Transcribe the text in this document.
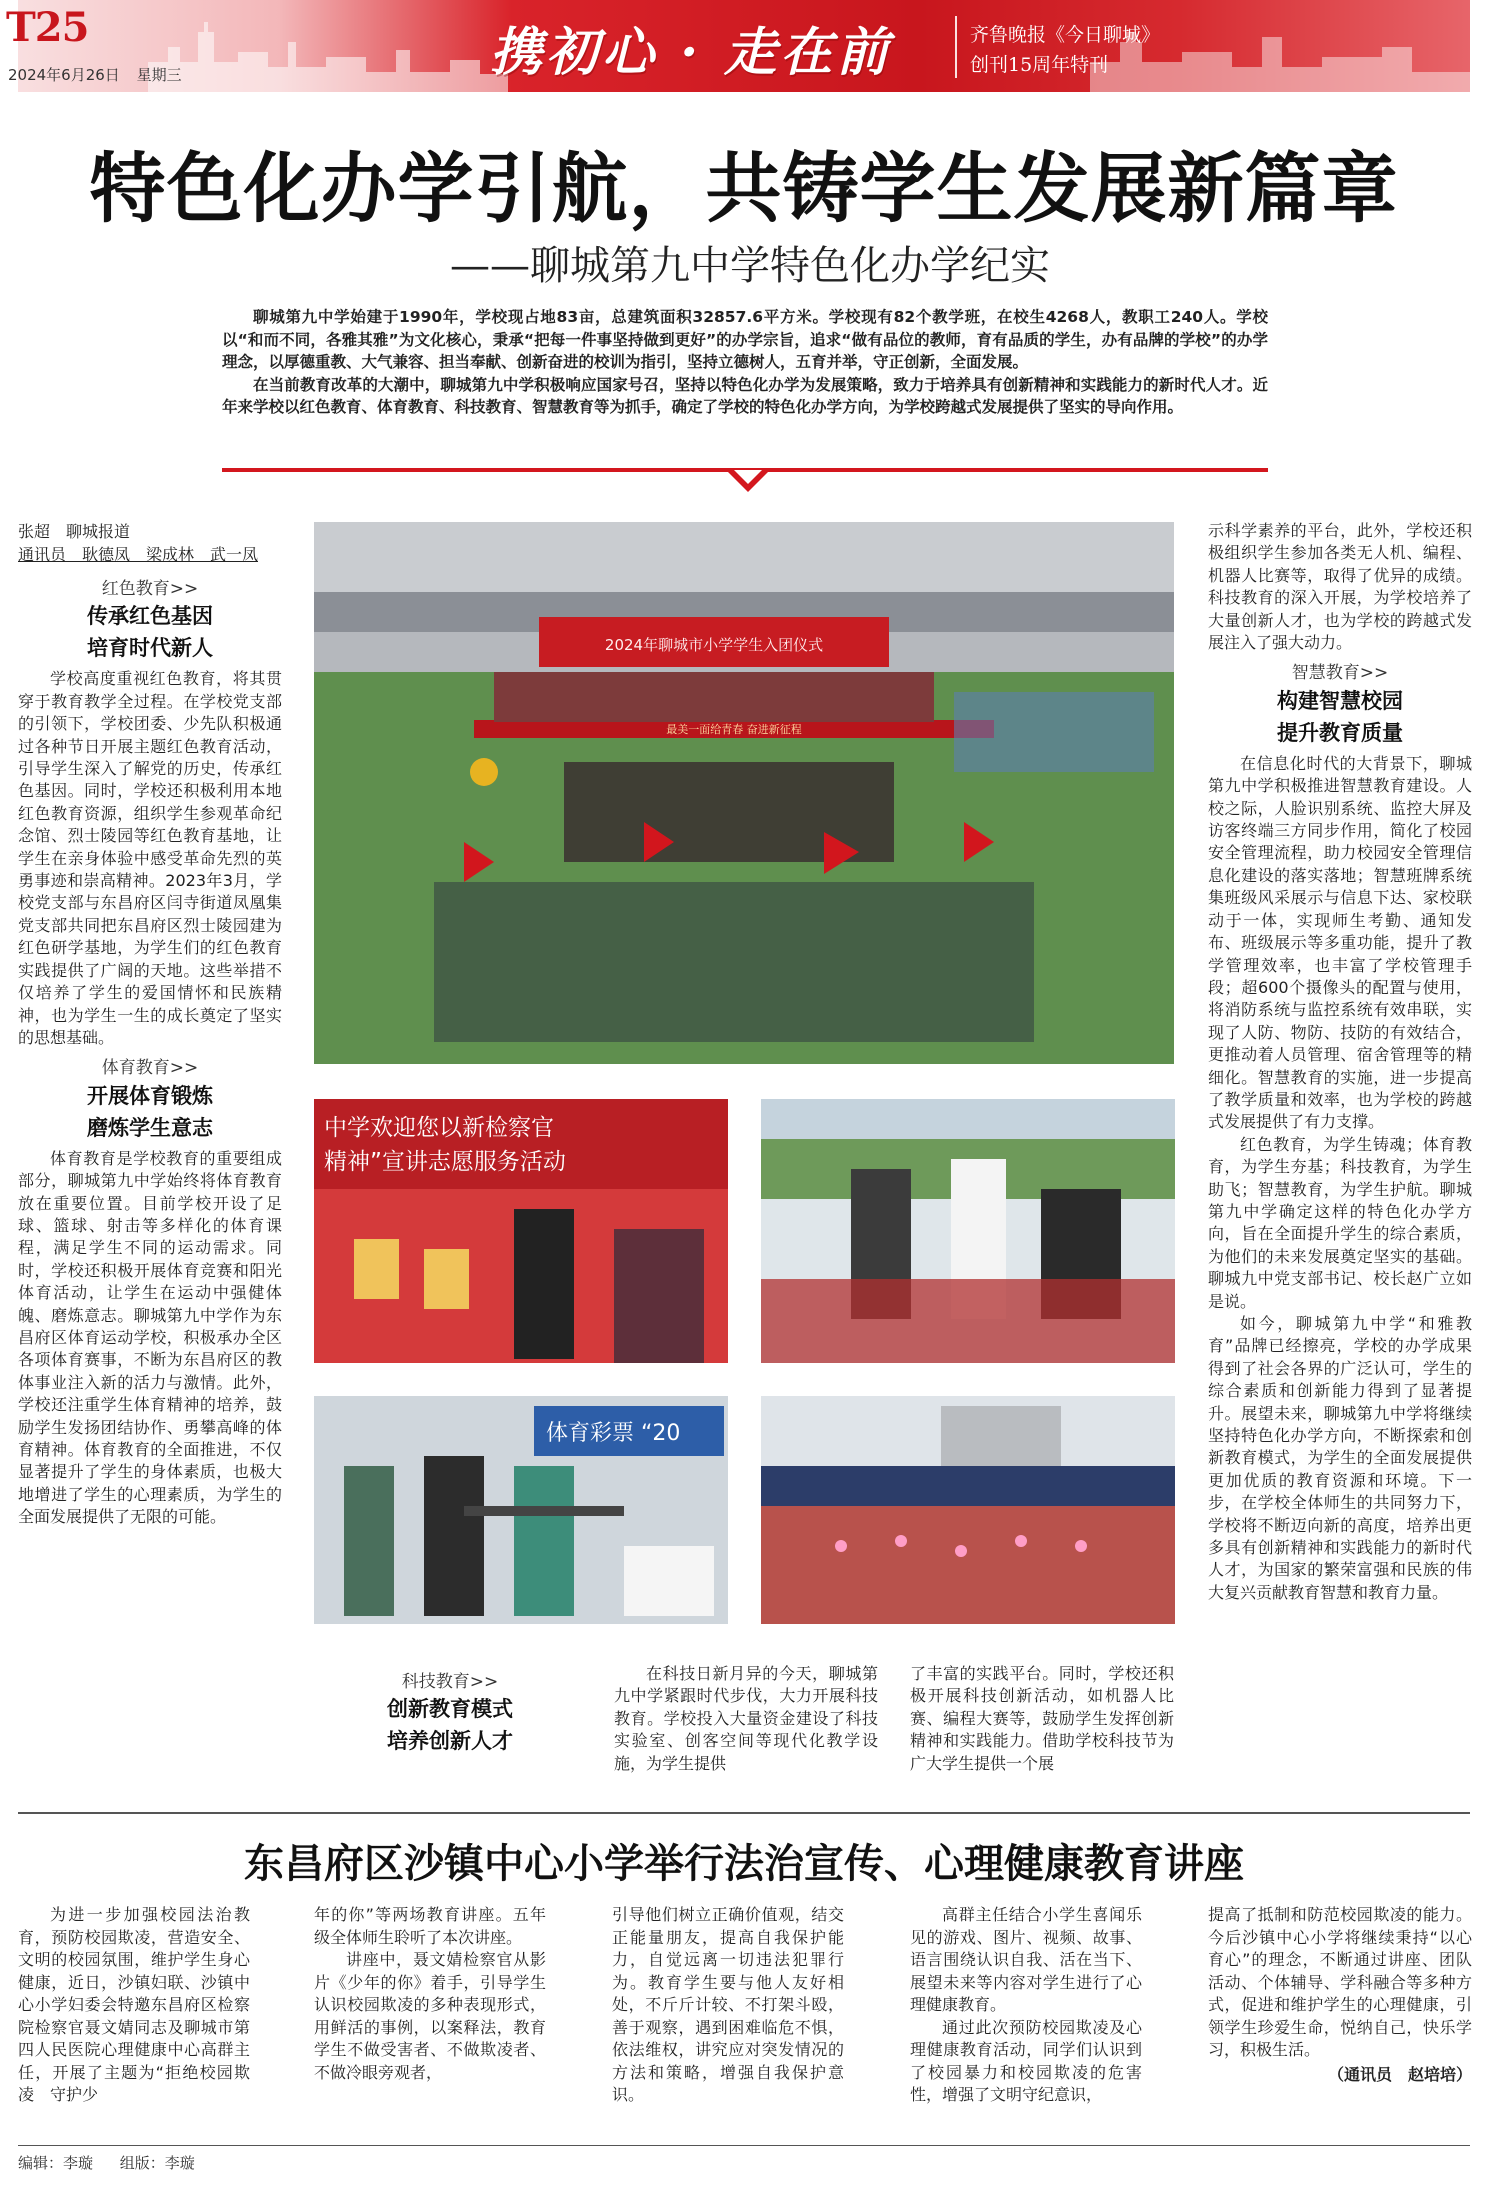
T25
2024年6月26日 星期三	携初心 · 走在前	齐鲁晚报《今日聊城》
创刊15周年特刊
特色化办学引航，共铸学生发展新篇章
——聊城第九中学特色化办学纪实

聊城第九中学始建于1990年，学校现占地83亩，总建筑面积32857.6平方米。学校现有82个教学班，在校生4268人，教职工240人。学校以“和而不同，各雅其雅”为文化核心，秉承“把每一件事坚持做到更好”的办学宗旨，追求“做有品位的教师，育有品质的学生，办有品牌的学校”的办学理念，以厚德重教、大气兼容、担当奉献、创新奋进的校训为指引，坚持立德树人，五育并举，守正创新，全面发展。

在当前教育改革的大潮中，聊城第九中学积极响应国家号召，坚持以特色化办学为发展策略，致力于培养具有创新精神和实践能力的新时代人才。近年来学校以红色教育、体育教育、科技教育、智慧教育等为抓手，确定了学校的特色化办学方向，为学校跨越式发展提供了坚实的导向作用。

张超　聊城报道
通讯员　耿德凤　梁成林　武一凤
红色教育>>
传承红色基因
培育时代新人

学校高度重视红色教育，将其贯穿于教育教学全过程。在学校党支部的引领下，学校团委、少先队积极通过各种节日开展主题红色教育活动，引导学生深入了解党的历史，传承红色基因。同时，学校还积极利用本地红色教育资源，组织学生参观革命纪念馆、烈士陵园等红色教育基地，让学生在亲身体验中感受革命先烈的英勇事迹和崇高精神。2023年3月，学校党支部与东昌府区闫寺街道凤凰集党支部共同把东昌府区烈士陵园建为红色研学基地，为学生们的红色教育实践提供了广阔的天地。这些举措不仅培养了学生的爱国情怀和民族精神，也为学生一生的成长奠定了坚实的思想基础。

体育教育>>
开展体育锻炼
磨炼学生意志

体育教育是学校教育的重要组成部分，聊城第九中学始终将体育教育放在重要位置。目前学校开设了足球、篮球、射击等多样化的体育课程，满足学生不同的运动需求。同时，学校还积极开展体育竞赛和阳光体育活动，让学生在运动中强健体魄、磨炼意志。聊城第九中学作为东昌府区体育运动学校，积极承办全区各项体育赛事，不断为东昌府区的教体事业注入新的活力与激情。此外，学校还注重学生体育精神的培养，鼓励学生发扬团结协作、勇攀高峰的体育精神。体育教育的全面推进，不仅显著提升了学生的身体素质，也极大地增进了学生的心理素质，为学生的全面发展提供了无限的可能。

2024年聊城市小学学生入团仪式
最美一面给青春 奋进新征程
中学欢迎您以新检察官
精神”宣讲志愿服务活动
体育彩票 “20
科技教育>>
创新教育模式
培养创新人才

在科技日新月异的今天，聊城第九中学紧跟时代步伐，大力开展科技教育。学校投入大量资金建设了科技实验室、创客空间等现代化教学设施，为学生提供

了丰富的实践平台。同时，学校还积极开展科技创新活动，如机器人比赛、编程大赛等，鼓励学生发挥创新精神和实践能力。借助学校科技节为广大学生提供一个展
示科学素养的平台，此外，学校还积极组织学生参加各类无人机、编程、机器人比赛等，取得了优异的成绩。科技教育的深入开展，为学校培养了大量创新人才，也为学校的跨越式发展注入了强大动力。
智慧教育>>
构建智慧校园
提升教育质量

在信息化时代的大背景下，聊城第九中学积极推进智慧教育建设。人校之际，人脸识别系统、监控大屏及访客终端三方同步作用，简化了校园安全管理流程，助力校园安全管理信息化建设的落实落地；智慧班牌系统集班级风采展示与信息下达、家校联动于一体，实现师生考勤、通知发布、班级展示等多重功能，提升了教学管理效率，也丰富了学校管理手段；超600个摄像头的配置与使用，将消防系统与监控系统有效串联，实现了人防、物防、技防的有效结合，更推动着人员管理、宿舍管理等的精细化。智慧教育的实施，进一步提高了教学质量和效率，也为学校的跨越式发展提供了有力支撑。

红色教育，为学生铸魂；体育教育，为学生夯基；科技教育，为学生助飞；智慧教育，为学生护航。聊城第九中学确定这样的特色化办学方向，旨在全面提升学生的综合素质，为他们的未来发展奠定坚实的基础。聊城九中党支部书记、校长赵广立如是说。

如今，聊城第九中学“和雅教育”品牌已经擦亮，学校的办学成果得到了社会各界的广泛认可，学生的综合素质和创新能力得到了显著提升。展望未来，聊城第九中学将继续坚持特色化办学方向，不断探索和创新教育模式，为学生的全面发展提供更加优质的教育资源和环境。下一步，在学校全体师生的共同努力下，学校将不断迈向新的高度，培养出更多具有创新精神和实践能力的新时代人才，为国家的繁荣富强和民族的伟大复兴贡献教育智慧和教育力量。

东昌府区沙镇中心小学举行法治宣传、心理健康教育讲座

为进一步加强校园法治教育，预防校园欺凌，营造安全、文明的校园氛围，维护学生身心健康，近日，沙镇妇联、沙镇中心小学妇委会特邀东昌府区检察院检察官聂文婧同志及聊城市第四人民医院心理健康中心高群主任，开展了主题为“拒绝校园欺凌　守护少

年的你”等两场教育讲座。五年级全体师生聆听了本次讲座。

讲座中，聂文婧检察官从影片《少年的你》着手，引导学生认识校园欺凌的多种表现形式，用鲜活的事例，以案释法，教育学生不做受害者、不做欺凌者、不做冷眼旁观者，

引导他们树立正确价值观，结交正能量朋友，提高自我保护能力，自觉远离一切违法犯罪行为。教育学生要与他人友好相处，不斤斤计较、不打架斗殴，善于观察，遇到困难临危不惧，依法维权，讲究应对突发情况的方法和策略，增强自我保护意识。

高群主任结合小学生喜闻乐见的游戏、图片、视频、故事、语言围绕认识自我、活在当下、展望未来等内容对学生进行了心理健康教育。

通过此次预防校园欺凌及心理健康教育活动，同学们认识到了校园暴力和校园欺凌的危害性，增强了文明守纪意识，

提高了抵制和防范校园欺凌的能力。今后沙镇中心小学将继续秉持“以心育心”的理念，不断通过讲座、团队活动、个体辅导、学科融合等多种方式，促进和维护学生的心理健康，引领学生珍爱生命，悦纳自己，快乐学习，积极生活。
（通讯员　赵培培）
编辑：李璇 组版：李璇
